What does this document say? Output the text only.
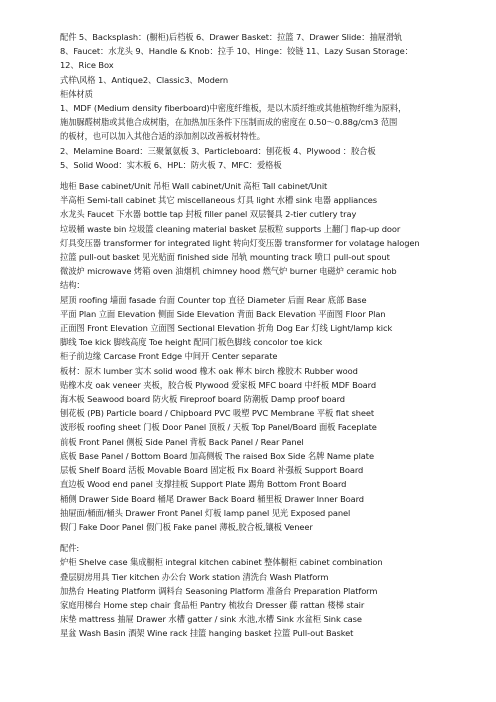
配件 5、Backsplash：(橱柜)后档板 6、Drawer Basket：拉篮 7、Drawer Slide：抽屉滑轨
8、Faucet：水龙头 9、Handle & Knob：拉手 10、Hinge：铰链 11、Lazy Susan Storage：
12、Rice Box
式样\风格 1、Antique2、Classic3、Modern
柜体材质
1、MDF (Medium density fiberboard)中密度纤维板，是以木质纤维或其他植物纤维为原料，
施加脲醛树脂或其他合成树脂，在加热加压条件下压制而成的密度在 0.50～0.88g/cm3 范围
的板材，也可以加入其他合适的添加剂以改善板材特性。
2、Melamine Board：三聚氰氨板 3、Particleboard：刨花板 4、Plywood ：胶合板
5、Solid Wood：实木板 6、HPL：防火板 7、MFC：爱格板
地柜 Base cabinet/Unit 吊柜 Wall cabinet/Unit 高柜 Tall cabinet/Unit
半高柜 Semi-tall cabinet 其它 miscellaneous 灯具 light 水槽 sink 电器 appliances
水龙头 Faucet 下水器 bottle tap 封板 filler panel 双层餐具 2-tier cutlery tray
垃圾桶 waste bin 垃圾篮 cleaning material basket 层板粒 supports 上翻门 flap-up door
灯具变压器 transformer for integrated light 转向灯变压器 transformer for volatage halogen
拉篮 pull-out basket 见光贴面 finished side 吊轨 mounting track 喷口 pull-out spout
微波炉 microwave 烤箱 oven 油烟机 chimney hood 燃气炉 burner 电磁炉 ceramic hob
结构：
屋顶 roofing 墙面 fasade 台面 Counter top 直径 Diameter 后面 Rear 底部 Base
平面 Plan 立面 Elevation 侧面 Side Elevation 背面 Back Elevation 平面图 Floor Plan
正面图 Front Elevation 立面图 Sectional Elevation 折角 Dog Ear 灯线 Light/lamp kick
脚线 Toe kick 脚线高度 Toe height 配同门板色脚线 concolor toe kick
柜子前边缘 Carcase Front Edge 中间开 Center separate
板材：原木 lumber 实木 solid wood 橡木 oak 榉木 birch 橡胶木 Rubber wood
贴橡木皮 oak veneer 夹板，胶合板 Plywood 爱家板 MFC board 中纤板 MDF Board
海木板 Seawood board 防火板 Fireproof board 防潮板 Damp proof board
刨花板 (PB) Particle board / Chipboard PVC 吸塑 PVC Membrane 平板 flat sheet
波形板 roofing sheet 门板 Door Panel 顶板 / 天板 Top Panel/Board 面板 Faceplate
前板 Front Panel 侧板 Side Panel 背板 Back Panel / Rear Panel
底板 Base Panel / Bottom Board 加高侧板 The raised Box Side 名牌 Name plate
层板 Shelf Board 活板 Movable Board 固定板 Fix Board 补强板 Support Board
直边板 Wood end panel 支撑挂板 Support Plate 踢角 Bottom Front Board
桶侧 Drawer Side Board 桶尾 Drawer Back Board 桶里板 Drawer Inner Board
抽屉面/桶面/桶头 Drawer Front Panel 灯板 lamp panel 见光 Exposed panel
假门 Fake Door Panel 假门板 Fake panel 薄板,胶合板,镶板 Veneer
配件:
炉柜 Shelve case 集成橱柜 integral kitchen cabinet 整体橱柜 cabinet combination
叠层厨房用具 Tier kitchen 办公台 Work station 清洗台 Wash Platform
加热台 Heating Platform 调料台 Seasoning Platform 准备台 Preparation Platform
家庭用梯台 Home step chair 食品柜 Pantry 梳妆台 Dresser 藤 rattan 楼梯 stair
床垫 mattress 抽屉 Drawer 水槽 gatter / sink 水池,水槽 Sink 水盆柜 Sink case
星盆 Wash Basin 酒架 Wine rack 挂篮 hanging basket 拉篮 Pull-out Basket
